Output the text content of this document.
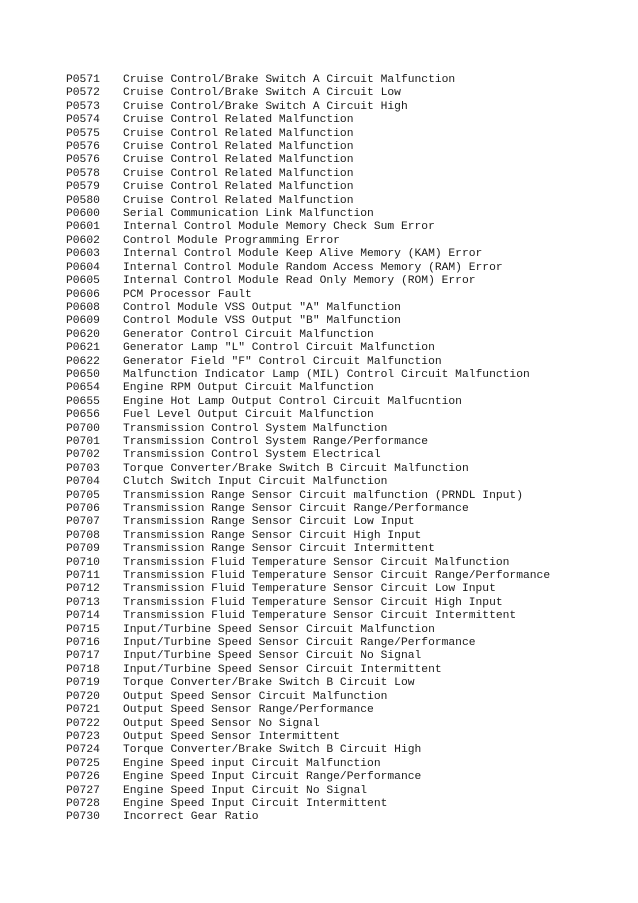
P0571	Cruise Control/Brake Switch A Circuit Malfunction
P0572	Cruise Control/Brake Switch A Circuit Low
P0573	Cruise Control/Brake Switch A Circuit High
P0574	Cruise Control Related Malfunction
P0575	Cruise Control Related Malfunction
P0576	Cruise Control Related Malfunction
P0576	Cruise Control Related Malfunction
P0578	Cruise Control Related Malfunction
P0579	Cruise Control Related Malfunction
P0580	Cruise Control Related Malfunction
P0600	Serial Communication Link Malfunction
P0601	Internal Control Module Memory Check Sum Error
P0602	Control Module Programming Error
P0603	Internal Control Module Keep Alive Memory (KAM) Error
P0604	Internal Control Module Random Access Memory (RAM) Error
P0605	Internal Control Module Read Only Memory (ROM) Error
P0606	PCM Processor Fault
P0608	Control Module VSS Output "A" Malfunction
P0609	Control Module VSS Output "B" Malfunction
P0620	Generator Control Circuit Malfunction
P0621	Generator Lamp "L" Control Circuit Malfunction
P0622	Generator Field "F" Control Circuit Malfunction
P0650	Malfunction Indicator Lamp (MIL) Control Circuit Malfunction
P0654	Engine RPM Output Circuit Malfunction
P0655	Engine Hot Lamp Output Control Circuit Malfucntion
P0656	Fuel Level Output Circuit Malfunction
P0700	Transmission Control System Malfunction
P0701	Transmission Control System Range/Performance
P0702	Transmission Control System Electrical
P0703	Torque Converter/Brake Switch B Circuit Malfunction
P0704	Clutch Switch Input Circuit Malfunction
P0705	Transmission Range Sensor Circuit malfunction (PRNDL Input)
P0706	Transmission Range Sensor Circuit Range/Performance
P0707	Transmission Range Sensor Circuit Low Input
P0708	Transmission Range Sensor Circuit High Input
P0709	Transmission Range Sensor Circuit Intermittent
P0710	Transmission Fluid Temperature Sensor Circuit Malfunction
P0711	Transmission Fluid Temperature Sensor Circuit Range/Performance
P0712	Transmission Fluid Temperature Sensor Circuit Low Input
P0713	Transmission Fluid Temperature Sensor Circuit High Input
P0714	Transmission Fluid Temperature Sensor Circuit Intermittent
P0715	Input/Turbine Speed Sensor Circuit Malfunction
P0716	Input/Turbine Speed Sensor Circuit Range/Performance
P0717	Input/Turbine Speed Sensor Circuit No Signal
P0718	Input/Turbine Speed Sensor Circuit Intermittent
P0719	Torque Converter/Brake Switch B Circuit Low
P0720	Output Speed Sensor Circuit Malfunction
P0721	Output Speed Sensor Range/Performance
P0722	Output Speed Sensor No Signal
P0723	Output Speed Sensor Intermittent
P0724	Torque Converter/Brake Switch B Circuit High
P0725	Engine Speed input Circuit Malfunction
P0726	Engine Speed Input Circuit Range/Performance
P0727	Engine Speed Input Circuit No Signal
P0728	Engine Speed Input Circuit Intermittent
P0730	Incorrect Gear Ratio
